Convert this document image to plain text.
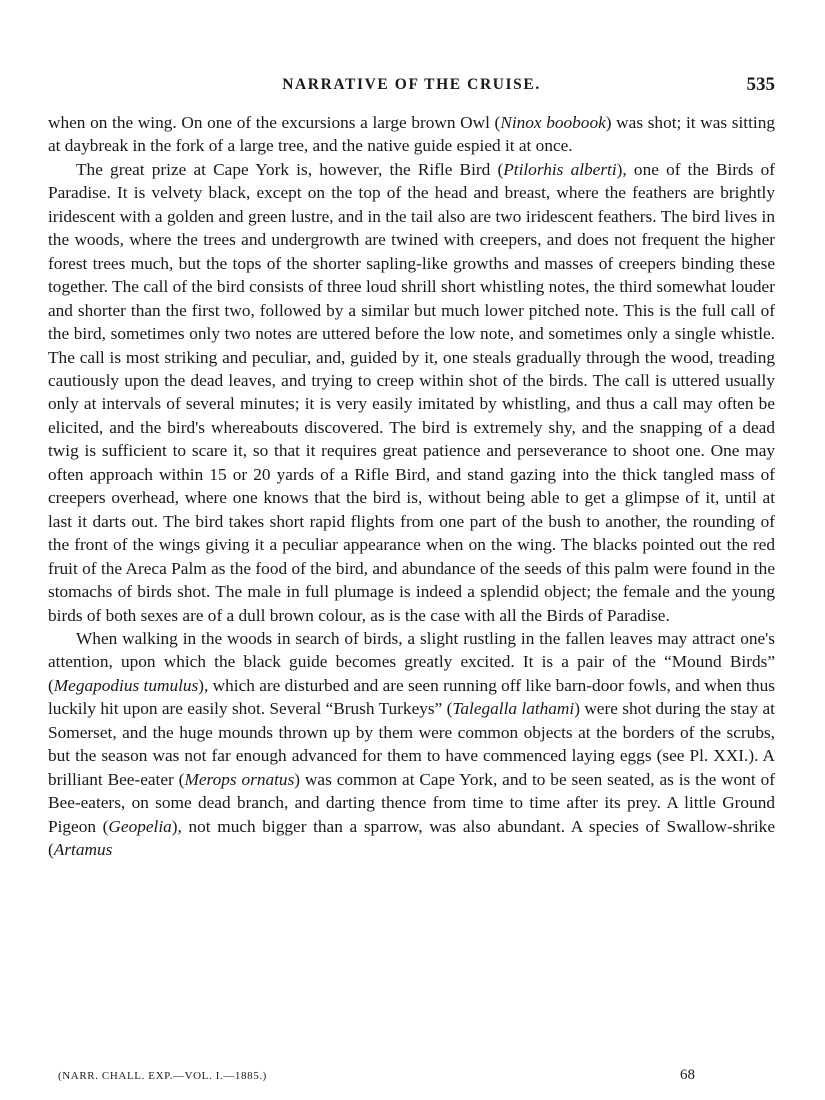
NARRATIVE OF THE CRUISE.	535

when on the wing. On one of the excursions a large brown Owl (Ninox boobook) was shot; it was sitting at daybreak in the fork of a large tree, and the native guide espied it at once.

The great prize at Cape York is, however, the Rifle Bird (Ptilorhis alberti), one of the Birds of Paradise. It is velvety black, except on the top of the head and breast, where the feathers are brightly iridescent with a golden and green lustre, and in the tail also are two iridescent feathers. The bird lives in the woods, where the trees and undergrowth are twined with creepers, and does not frequent the higher forest trees much, but the tops of the shorter sapling-like growths and masses of creepers binding these together. The call of the bird consists of three loud shrill short whistling notes, the third somewhat louder and shorter than the first two, followed by a similar but much lower pitched note. This is the full call of the bird, sometimes only two notes are uttered before the low note, and sometimes only a single whistle. The call is most striking and peculiar, and, guided by it, one steals gradually through the wood, treading cautiously upon the dead leaves, and trying to creep within shot of the birds. The call is uttered usually only at intervals of several minutes; it is very easily imitated by whistling, and thus a call may often be elicited, and the bird's whereabouts discovered. The bird is extremely shy, and the snapping of a dead twig is sufficient to scare it, so that it requires great patience and perseverance to shoot one. One may often approach within 15 or 20 yards of a Rifle Bird, and stand gazing into the thick tangled mass of creepers overhead, where one knows that the bird is, without being able to get a glimpse of it, until at last it darts out. The bird takes short rapid flights from one part of the bush to another, the rounding of the front of the wings giving it a peculiar appearance when on the wing. The blacks pointed out the red fruit of the Areca Palm as the food of the bird, and abundance of the seeds of this palm were found in the stomachs of birds shot. The male in full plumage is indeed a splendid object; the female and the young birds of both sexes are of a dull brown colour, as is the case with all the Birds of Paradise.

When walking in the woods in search of birds, a slight rustling in the fallen leaves may attract one's attention, upon which the black guide becomes greatly excited. It is a pair of the “Mound Birds” (Megapodius tumulus), which are disturbed and are seen running off like barn-door fowls, and when thus luckily hit upon are easily shot. Several “Brush Turkeys” (Talegalla lathami) were shot during the stay at Somerset, and the huge mounds thrown up by them were common objects at the borders of the scrubs, but the season was not far enough advanced for them to have commenced laying eggs (see Pl. XXI.). A brilliant Bee-eater (Merops ornatus) was common at Cape York, and to be seen seated, as is the wont of Bee-eaters, on some dead branch, and darting thence from time to time after its prey. A little Ground Pigeon (Geopelia), not much bigger than a sparrow, was also abundant. A species of Swallow-shrike (Artamus

(NARR. CHALL. EXP.—VOL. I.—1885.)	68
